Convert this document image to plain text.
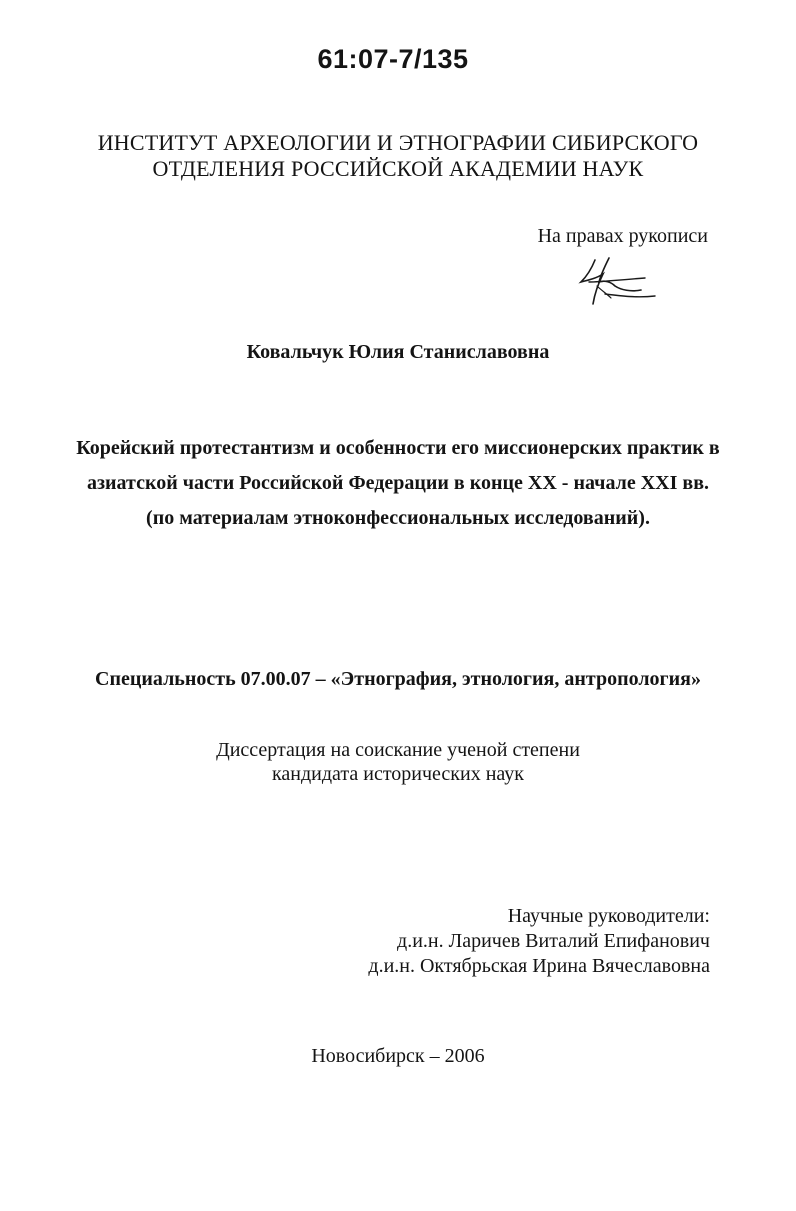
61:07-7/135
ИНСТИТУТ АРХЕОЛОГИИ И ЭТНОГРАФИИ СИБИРСКОГО
ОТДЕЛЕНИЯ РОССИЙСКОЙ АКАДЕМИИ НАУК
На правах рукописи
Ковальчук Юлия Станиславовна
Корейский протестантизм и особенности его миссионерских практик в
азиатской части Российской Федерации в конце XX - начале XXI вв.
(по материалам этноконфессиональных исследований).
Специальность 07.00.07 – «Этнография, этнология, антропология»
Диссертация на соискание ученой степени
кандидата исторических наук
Научные руководители:
д.и.н. Ларичев Виталий Епифанович
д.и.н. Октябрьская Ирина Вячеславовна
Новосибирск – 2006
